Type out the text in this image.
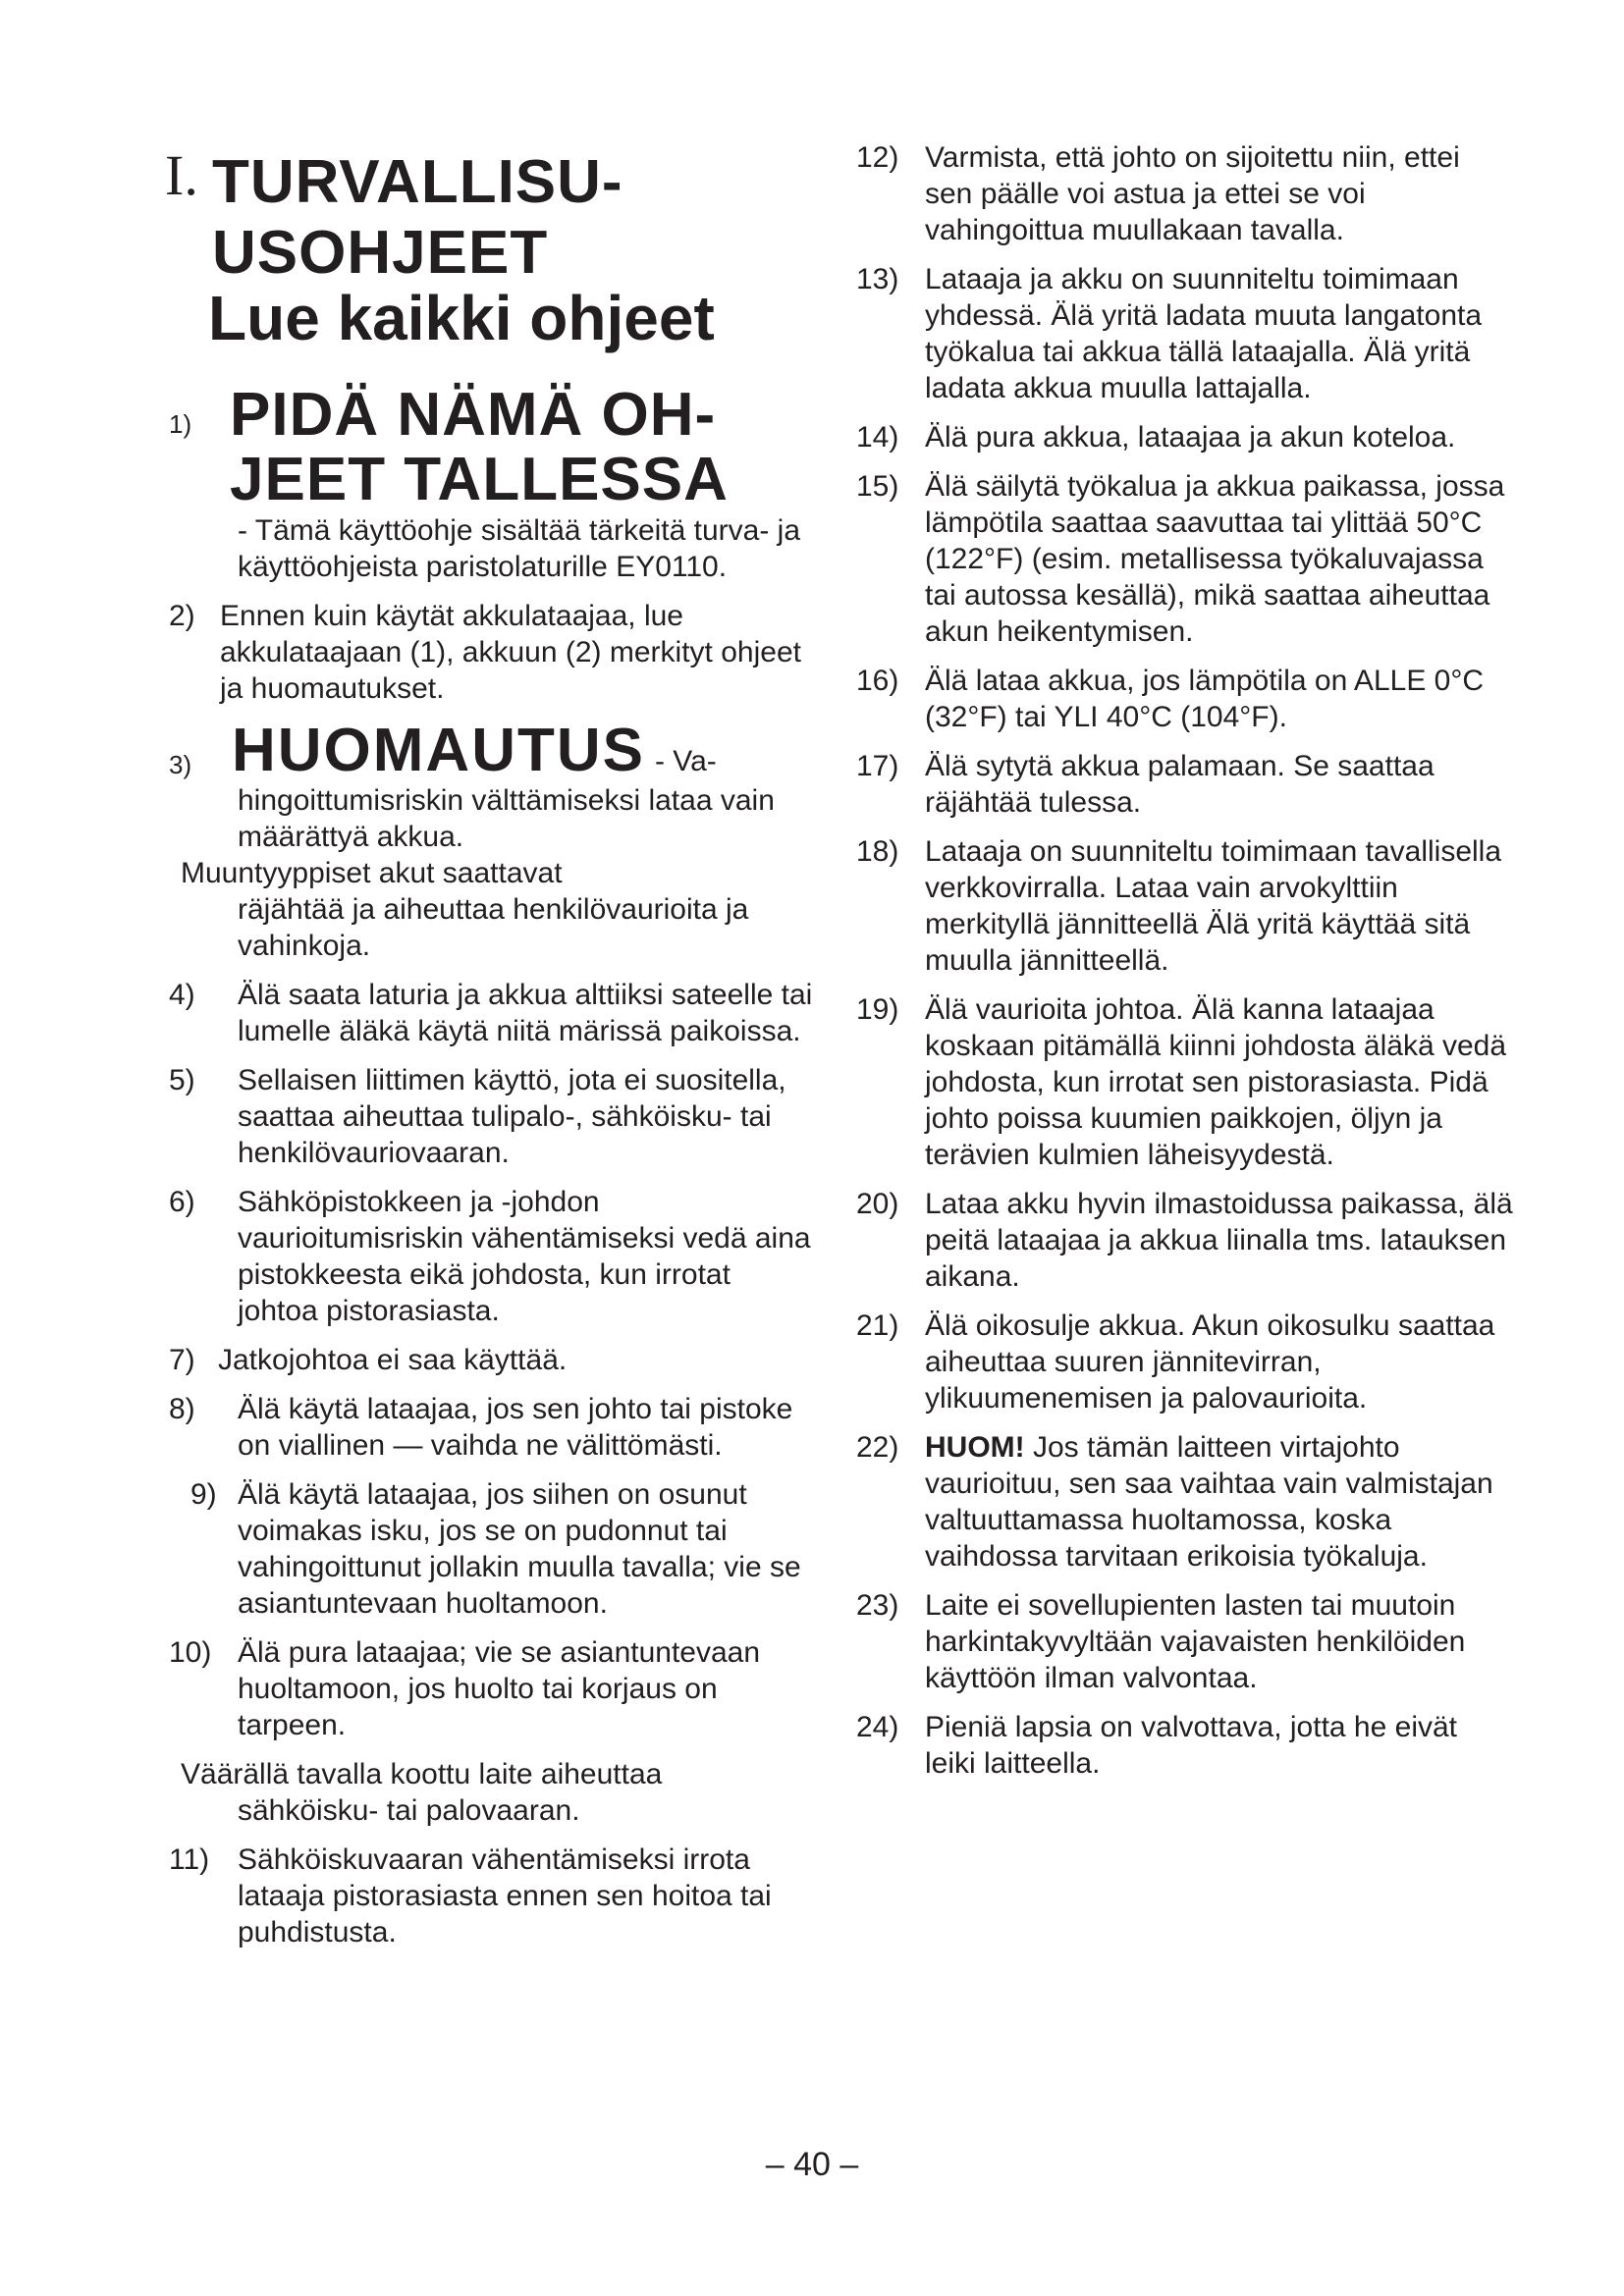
I. TURVALLISU- USOHJEET
Lue kaikki ohjeet
1) PIDÄ NÄMÄ OH- JEET TALLESSA
- Tämä käyttöohje sisältää tärkeitä turva- ja käyttöohjeista paristolaturille EY0110.
2) Ennen kuin käytät akkulataajaa, lue akkulataajaan (1), akkuun (2) merkityt ohjeet ja huomautukset.
3) HUOMAUTUS - Va-
hingoittumisriskin välttämiseksi lataa vain määrättyä akkua.
Muuntyyppiset akut saattavat
räjähtää ja aiheuttaa henkilövaurioita ja vahinkoja.
4) Älä saata laturia ja akkua alttiiksi sateelle tai lumelle äläkä käytä niitä märissä paikoissa.
5) Sellaisen liittimen käyttö, jota ei suositella, saattaa aiheuttaa tulipalo-, sähköisku- tai henkilövauriovaaran.
6) Sähköpistokkeen ja -johdon vaurioitumisriskin vähentämiseksi vedä aina pistokkeesta eikä johdosta, kun irrotat johtoa pistorasiasta.
7) Jatkojohtoa ei saa käyttää.
8) Älä käytä lataajaa, jos sen johto tai pistoke on viallinen — vaihda ne välittömästi.
9) Älä käytä lataajaa, jos siihen on osunut voimakas isku, jos se on pudonnut tai vahingoittunut jollakin muulla tavalla; vie se asiantuntevaan huoltamoon.
10) Älä pura lataajaa; vie se asiantuntevaan huoltamoon, jos huolto tai korjaus on tarpeen.
Väärällä tavalla koottu laite aiheuttaa
sähköisku- tai palovaaran.
11) Sähköiskuvaaran vähentämiseksi irrota lataaja pistorasiasta ennen sen hoitoa tai puhdistusta.
12) Varmista, että johto on sijoitettu niin, ettei sen päälle voi astua ja ettei se voi vahingoittua muullakaan tavalla.
13) Lataaja ja akku on suunniteltu toimimaan yhdessä. Älä yritä ladata muuta langatonta työkalua tai akkua tällä lataajalla. Älä yritä ladata akkua muulla lattajalla.
14) Älä pura akkua, lataajaa ja akun koteloa.
15) Älä säilytä työkalua ja akkua paikassa, jossa lämpötila saattaa saavuttaa tai ylittää 50°C (122°F) (esim. metallisessa työkaluvajassa tai autossa kesällä), mikä saattaa aiheuttaa akun heikentymisen.
16) Älä lataa akkua, jos lämpötila on ALLE 0°C (32°F) tai YLI 40°C (104°F).
17) Älä sytytä akkua palamaan. Se saattaa räjähtää tulessa.
18) Lataaja on suunniteltu toimimaan tavallisella verkkovirralla. Lataa vain arvokylttiin merkityllä jännitteellä Älä yritä käyttää sitä muulla jännitteellä.
19) Älä vaurioita johtoa. Älä kanna lataajaa koskaan pitämällä kiinni johdosta äläkä vedä johdosta, kun irrotat sen pistorasiasta. Pidä johto poissa kuumien paikkojen, öljyn ja terävien kulmien läheisyydestä.
20) Lataa akku hyvin ilmastoidussa paikassa, älä peitä lataajaa ja akkua liinalla tms. latauksen aikana.
21) Älä oikosulje akkua. Akun oikosulku saattaa aiheuttaa suuren jännitevirran, ylikuumenemisen ja palovaurioita.
22) HUOM! Jos tämän laitteen virtajohto vaurioituu, sen saa vaihtaa vain valmistajan valtuuttamassa huoltamossa, koska vaihdossa tarvitaan erikoisia työkaluja.
23) Laite ei sovellupienten lasten tai muutoin harkintakyvyltään vajavaisten henkilöiden käyttöön ilman valvontaa.
24) Pieniä lapsia on valvottava, jotta he eivät leiki laitteella.
– 40 –
